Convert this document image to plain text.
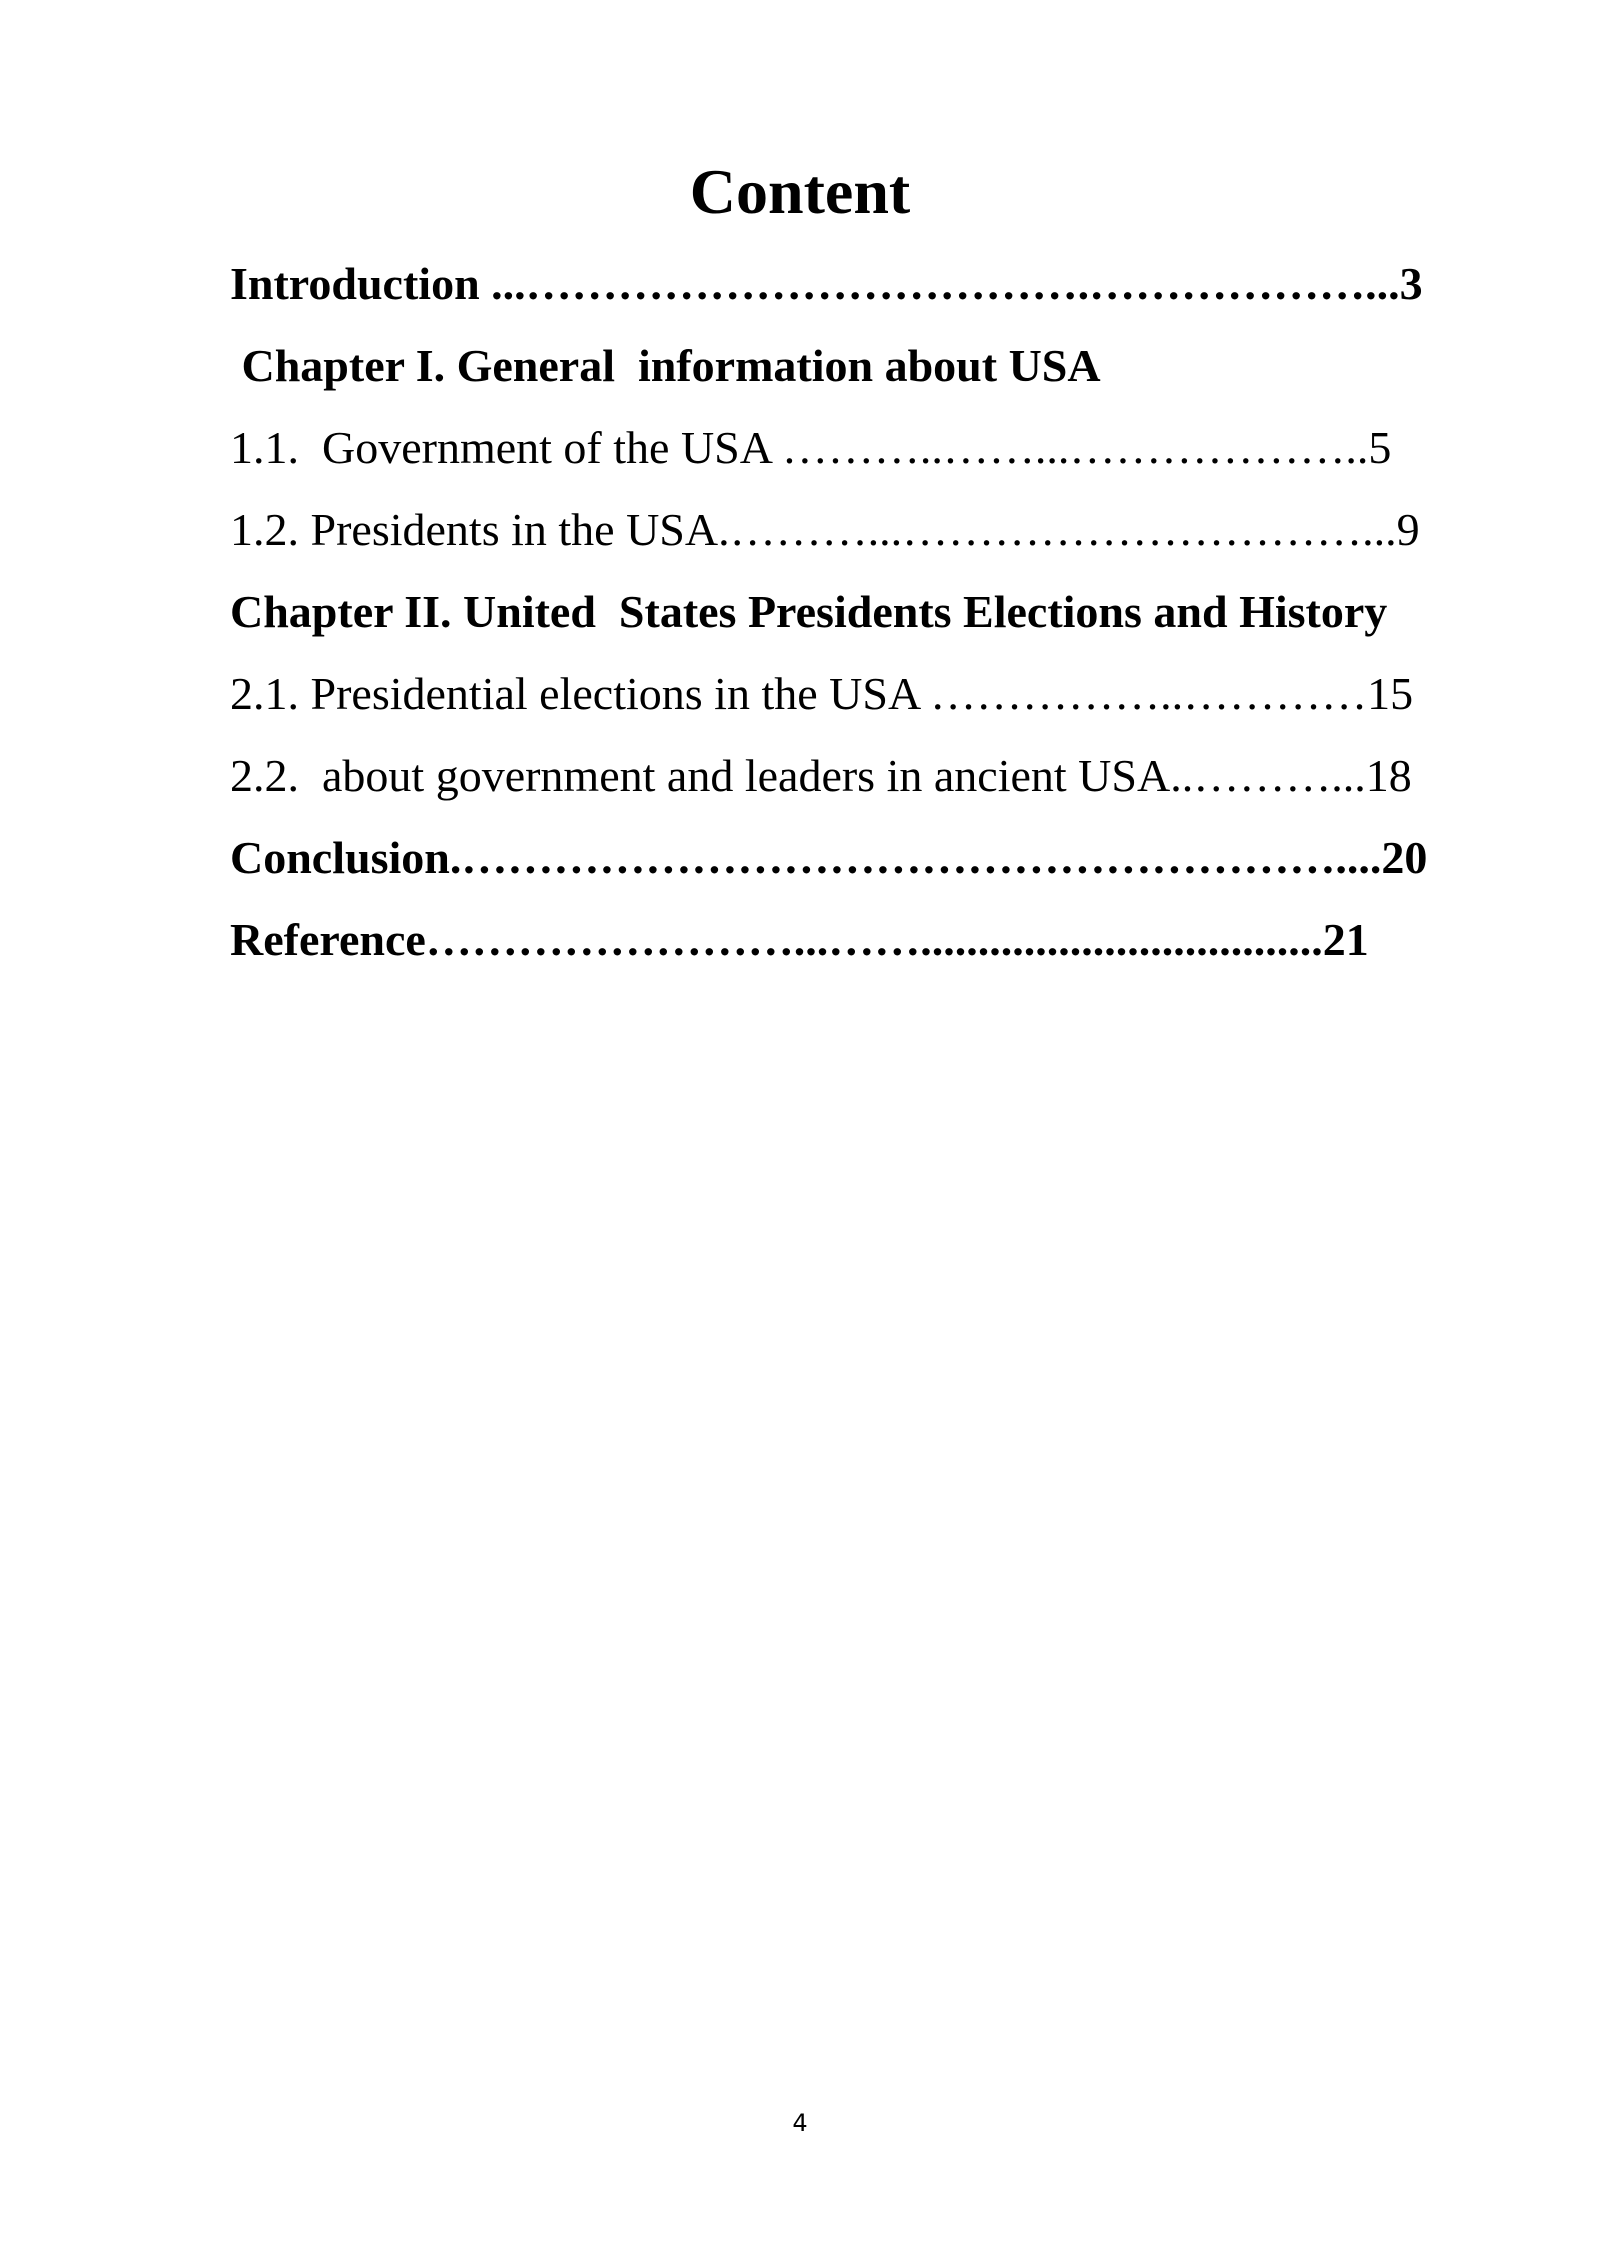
Content
Introduction ...……………………………….………………...3
Chapter I. General  information about USA
1.1.  Government of the USA ………..……...………………..5
1.2. Presidents in the USA.………...…………………………...9
Chapter II. United  States Presidents Elections and History
2.1. Presidential elections in the USA ……………..…………15
2.2.  about government and leaders in ancient USA..………...18
Conclusion.…………………………………………………....20
Reference……………………...……...................................21
4
